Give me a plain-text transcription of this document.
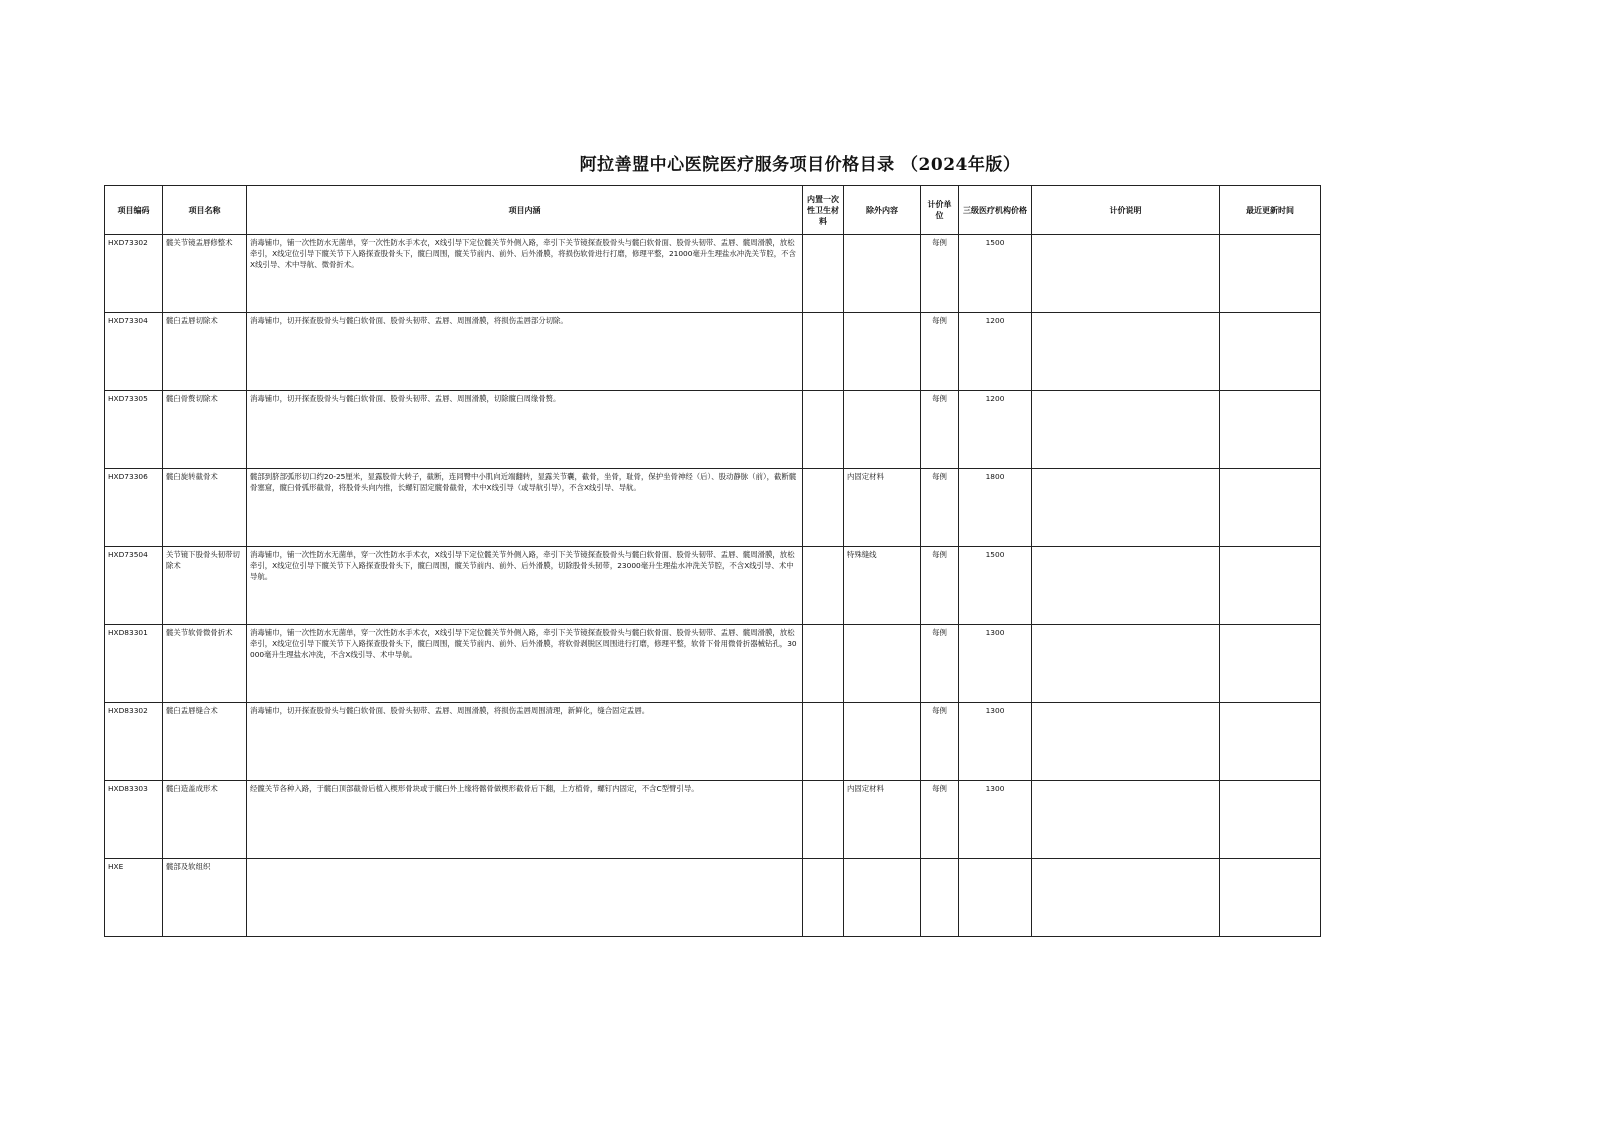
阿拉善盟中心医院医疗服务项目价格目录 （2024年版）
项目编码	项目名称	项目内涵	内置一次性卫生材料	除外内容	计价单位	三级医疗机构价格	计价说明	最近更新时间
HXD73302	髋关节镜盂唇修整术	消毒铺巾，铺一次性防水无菌单，穿一次性防水手术衣，X线引导下定位髋关节外侧入路，牵引下关节镜探查股骨头与髋臼软骨面、股骨头韧带、盂唇、髋周滑膜，放松牵引，X线定位引导下髋关节下入路探查股骨头下，髋臼周围，髋关节前内、前外、后外滑膜，将损伤软骨进行打磨，修理平整，21000毫升生理盐水冲洗关节腔，不含X线引导、术中导航、微骨折术。			每例	1500		
HXD73304	髋臼盂唇切除术	消毒铺巾，切开探查股骨头与髋臼软骨面、股骨头韧带、盂唇、周围滑膜，将损伤盂唇部分切除。			每例	1200		
HXD73305	髋臼骨赘切除术	消毒铺巾，切开探查股骨头与髋臼软骨面、股骨头韧带、盂唇、周围滑膜，切除髋臼周缘骨赘。			每例	1200		
HXD73306	髋臼旋转截骨术	髋部到脐部弧形切口约20-25厘米，显露股骨大转子，截断，连同臀中小肌向近端翻转，显露关节囊，截骨，坐骨，耻骨，保护坐骨神经（后）、股动静脉（前），截断髋骨塞窟，髋臼骨弧形截骨，将股骨头向内推，长螺钉固定髋骨截骨，术中X线引导（或导航引导），不含X线引导、导航。		内固定材料	每例	1800		
HXD73504	关节镜下股骨头韧带切除术	消毒铺巾，铺一次性防水无菌单，穿一次性防水手术衣，X线引导下定位髋关节外侧入路，牵引下关节镜探查股骨头与髋臼软骨面、股骨头韧带、盂唇、髋周滑膜，放松牵引，X线定位引导下髋关节下入路探查股骨头下，髋臼周围，髋关节前内、前外、后外滑膜，切除股骨头韧带，23000毫升生理盐水冲洗关节腔，不含X线引导、术中导航。		特殊缝线	每例	1500		
HXD83301	髋关节软骨微骨折术	消毒铺巾，铺一次性防水无菌单，穿一次性防水手术衣，X线引导下定位髋关节外侧入路，牵引下关节镜探查股骨头与髋臼软骨面、股骨头韧带、盂唇、髋周滑膜，放松牵引，X线定位引导下髋关节下入路探查股骨头下，髋臼周围，髋关节前内、前外、后外滑膜，将软骨剥脱区周围进行打磨，修理平整，软骨下骨用微骨折器械钻孔，30000毫升生理盐水冲洗，不含X线引导、术中导航。			每例	1300		
HXD83302	髋臼盂唇缝合术	消毒铺巾，切开探查股骨头与髋臼软骨面、股骨头韧带、盂唇、周围滑膜，将损伤盂唇周围清理，新鲜化，缝合固定盂唇。			每例	1300		
HXD83303	髋臼造盖成形术	经髋关节各种入路，于髋臼顶部截骨后植入楔形骨块或于髋臼外上缘将髂骨做楔形截骨后下翻，上方植骨，螺钉内固定，不含C型臂引导。		内固定材料	每例	1300		
HXE	髋部及软组织							
